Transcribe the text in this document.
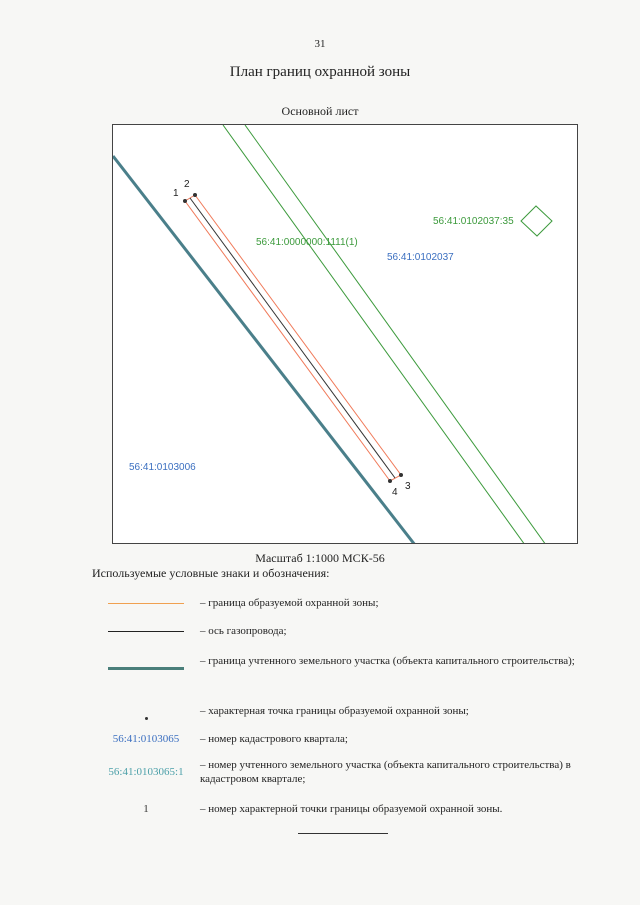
31
План границ охранной зоны
Основной лист
1
2
3
4
56:41:0000000:1111(1)
56:41:0102037:35
56:41:0102037
56:41:0103006
Масштаб 1:1000 МСК-56
Используемые условные знаки и обозначения:
– граница образуемой охранной зоны;
– ось газопровода;
– граница учтенного земельного участка (объекта капитального строительства);
– характерная точка границы образуемой охранной зоны;
56:41:0103065 – номер кадастрового квартала;
56:41:0103065:1
– номер учтенного земельного участка (объекта капитального строительства) в кадастровом квартале;
1	– номер характерной точки границы образуемой охранной зоны.
